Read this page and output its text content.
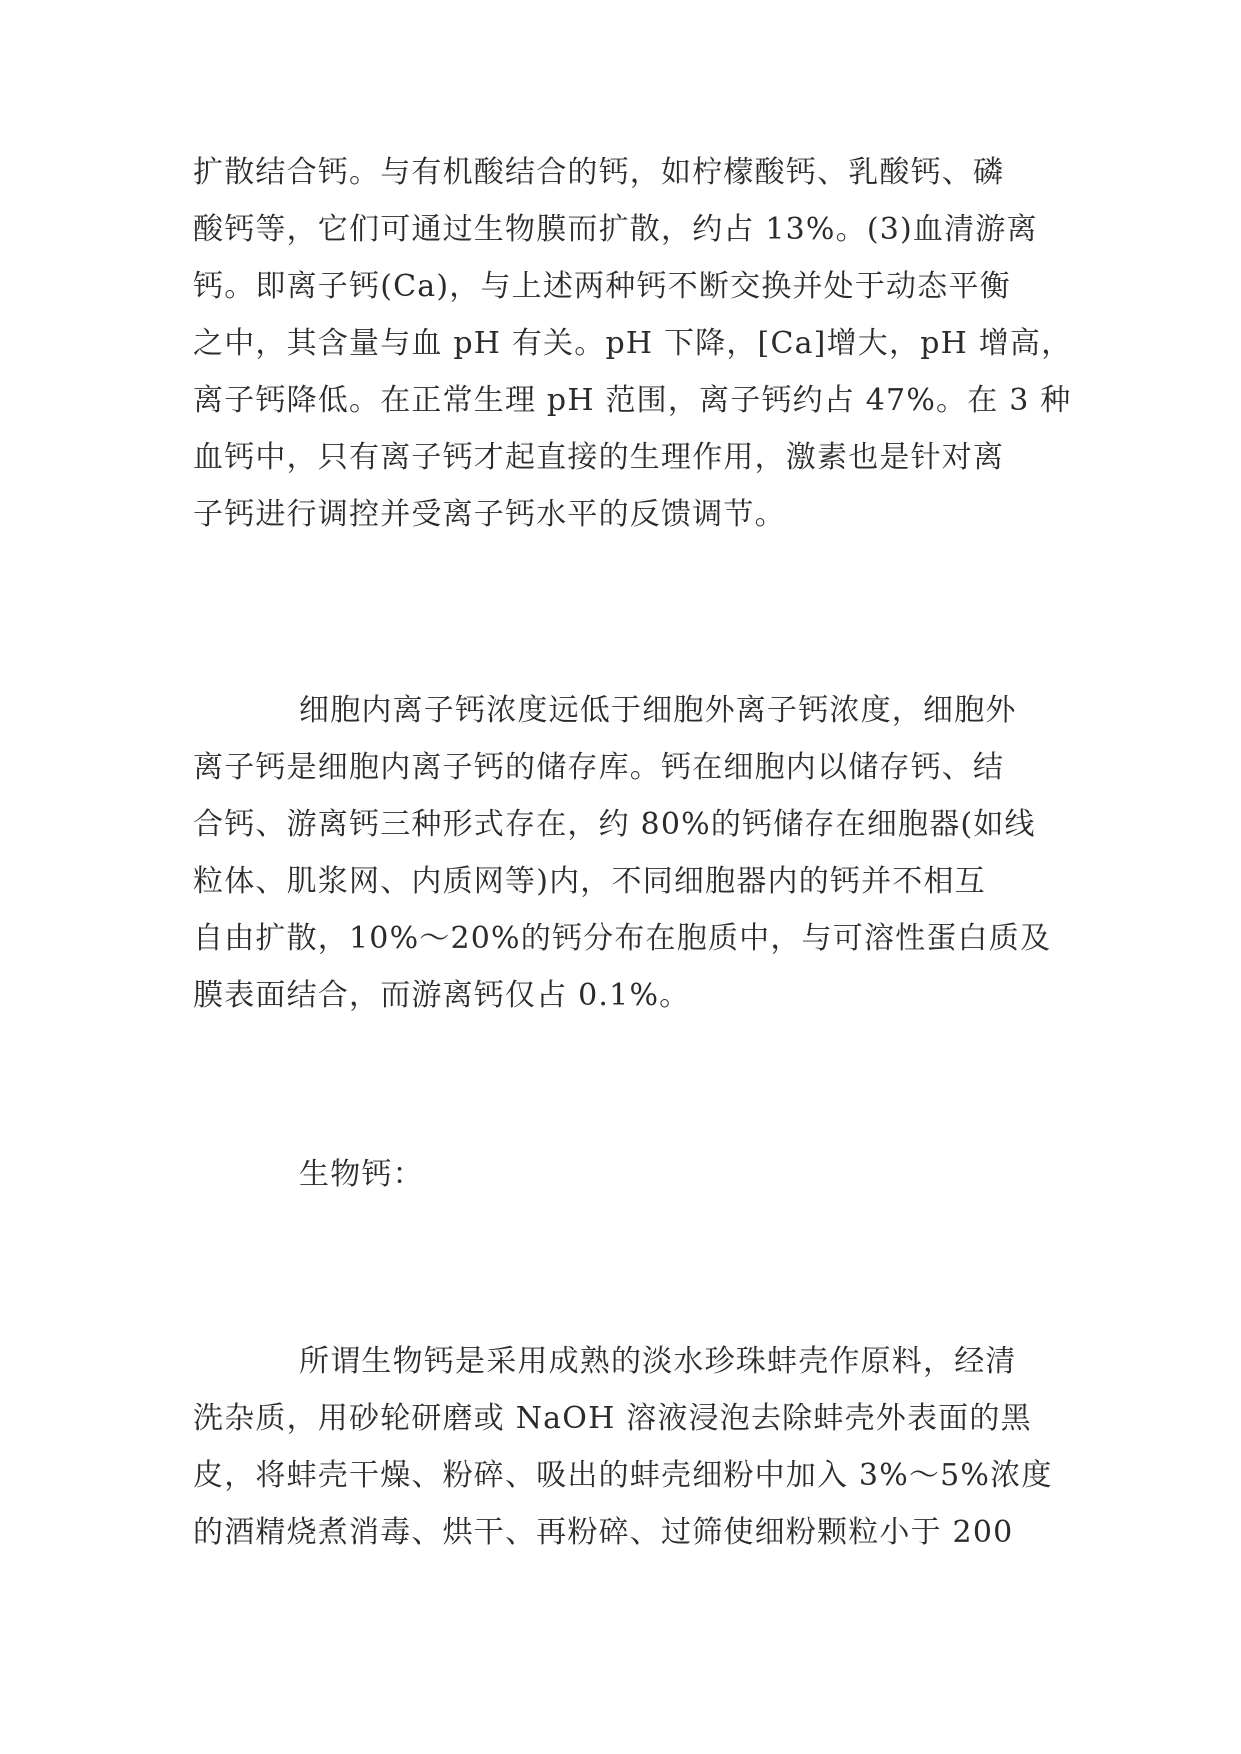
扩散结合钙。与有机酸结合的钙，如柠檬酸钙、乳酸钙、磷
酸钙等，它们可通过生物膜而扩散，约占 13%。(3)血清游离
钙。即离子钙(Ca)，与上述两种钙不断交换并处于动态平衡
之中，其含量与血 pH 有关。pH 下降，[Ca]增大，pH 增高，
离子钙降低。在正常生理 pH 范围，离子钙约占 47%。在 3 种
血钙中，只有离子钙才起直接的生理作用，激素也是针对离
子钙进行调控并受离子钙水平的反馈调节。
细胞内离子钙浓度远低于细胞外离子钙浓度，细胞外
离子钙是细胞内离子钙的储存库。钙在细胞内以储存钙、结
合钙、游离钙三种形式存在，约 80%的钙储存在细胞器(如线
粒体、肌浆网、内质网等)内，不同细胞器内的钙并不相互
自由扩散，10%～20%的钙分布在胞质中，与可溶性蛋白质及
膜表面结合，而游离钙仅占 0.1%。
生物钙：
所谓生物钙是采用成熟的淡水珍珠蚌壳作原料，经清
洗杂质，用砂轮研磨或 NaOH 溶液浸泡去除蚌壳外表面的黑
皮，将蚌壳干燥、粉碎、吸出的蚌壳细粉中加入 3%～5%浓度
的酒精烧煮消毒、烘干、再粉碎、过筛使细粉颗粒小于 200
